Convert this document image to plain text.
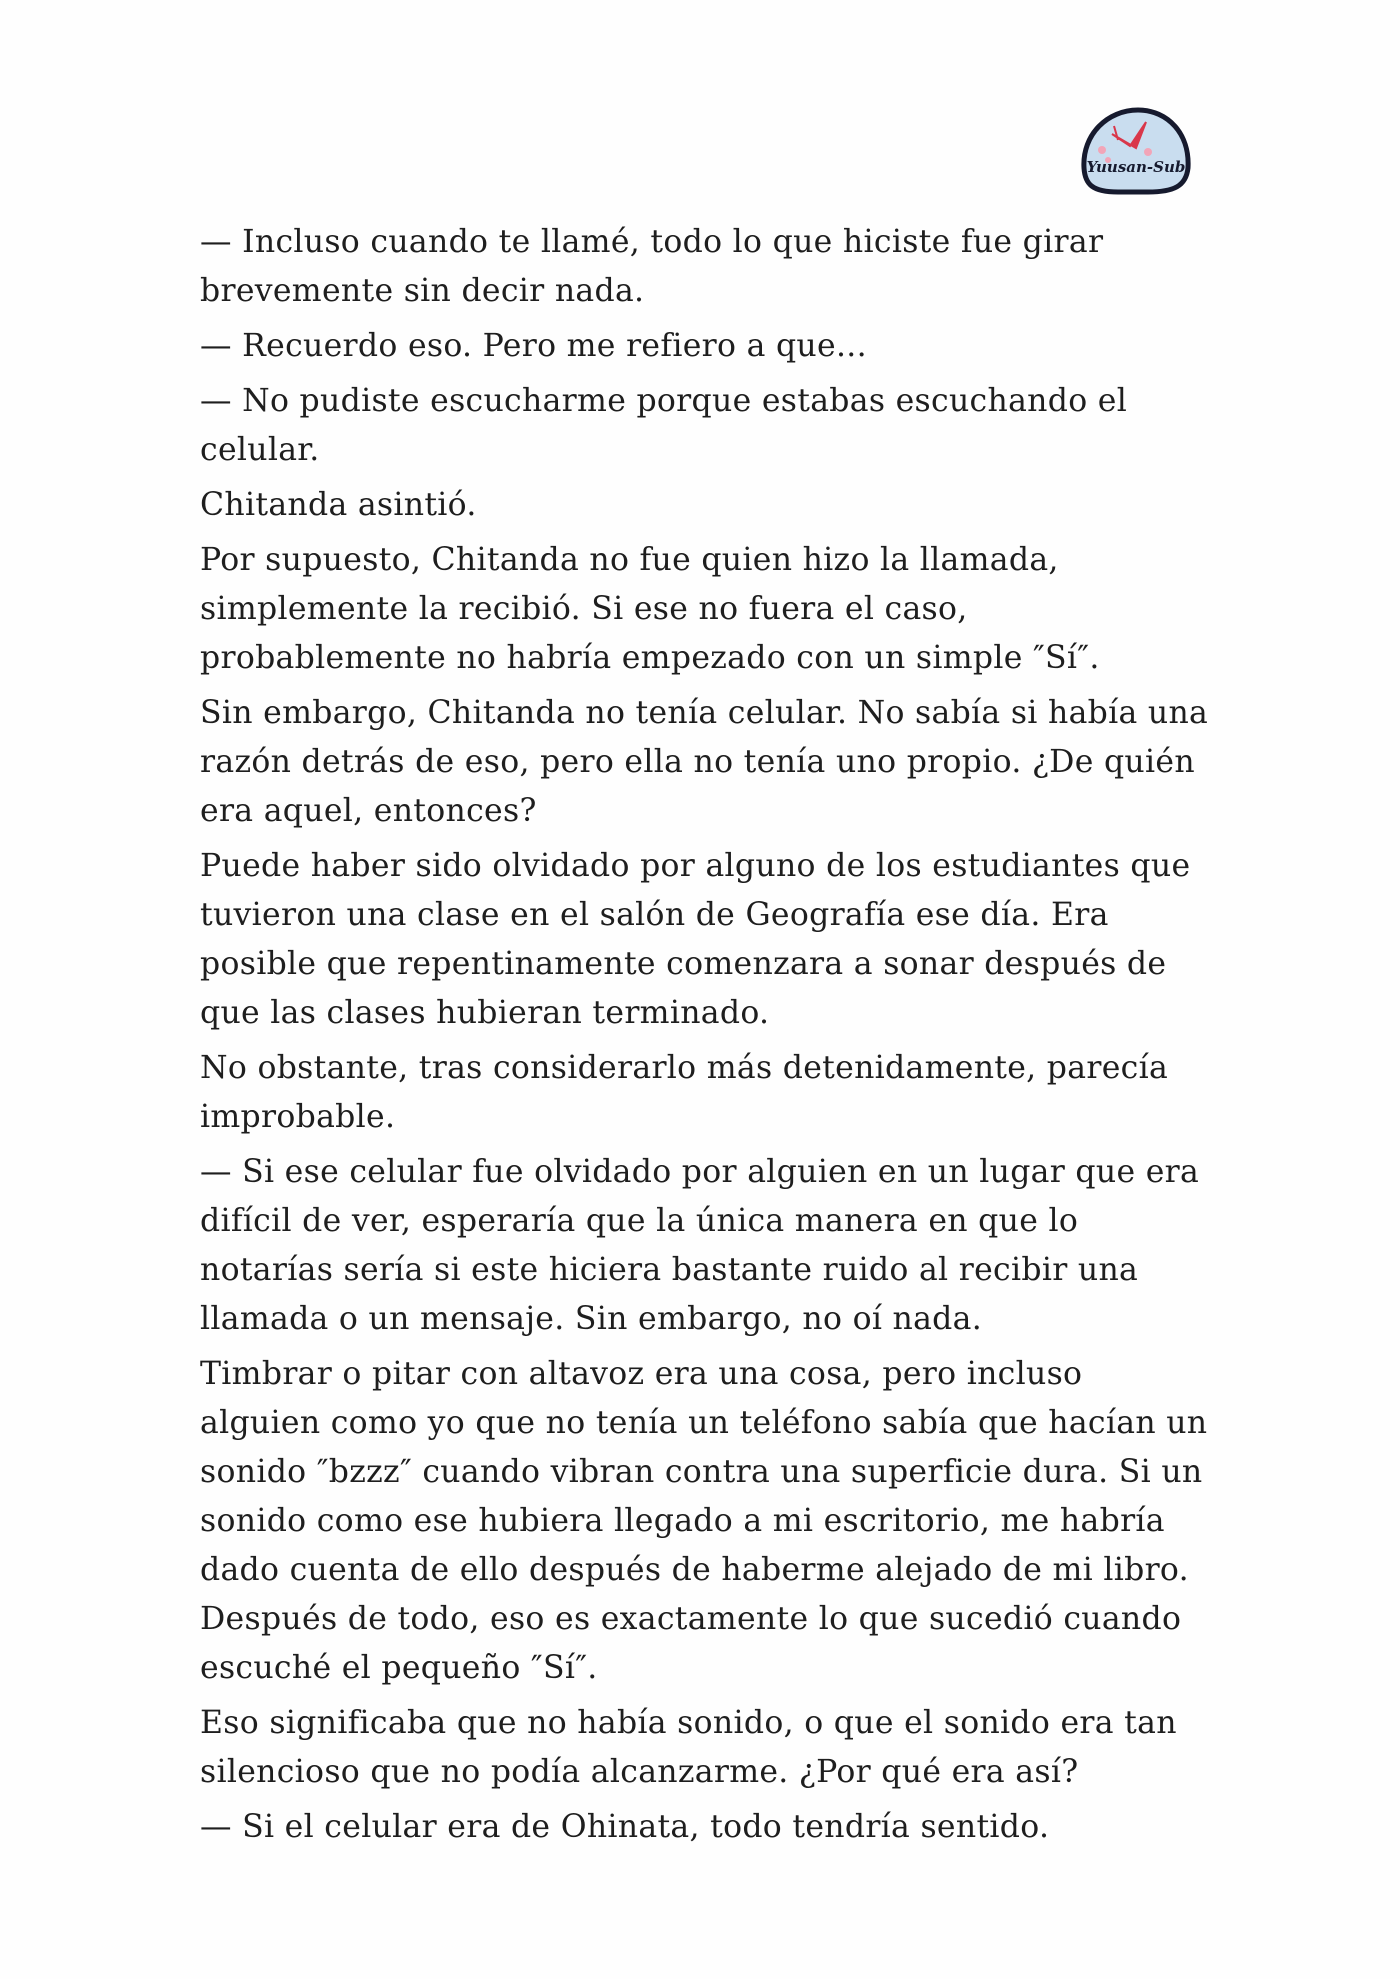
Yuusan-Sub

— Incluso cuando te llamé, todo lo que hiciste fue girar brevemente sin decir nada.

— Recuerdo eso. Pero me refiero a que...

— No pudiste escucharme porque estabas escuchando el celular.

Chitanda asintió.

Por supuesto, Chitanda no fue quien hizo la llamada, simplemente la recibió. Si ese no fuera el caso, probablemente no habría empezado con un simple ″Sí″.

Sin embargo, Chitanda no tenía celular. No sabía si había una razón detrás de eso, pero ella no tenía uno propio. ¿De quién era aquel, entonces?

Puede haber sido olvidado por alguno de los estudiantes que tuvieron una clase en el salón de Geografía ese día. Era posible que repentinamente comenzara a sonar después de que las clases hubieran terminado.

No obstante, tras considerarlo más detenidamente, parecía improbable.

— Si ese celular fue olvidado por alguien en un lugar que era difícil de ver, esperaría que la única manera en que lo notarías sería si este hiciera bastante ruido al recibir una llamada o un mensaje. Sin embargo, no oí nada.

Timbrar o pitar con altavoz era una cosa, pero incluso alguien como yo que no tenía un teléfono sabía que hacían un sonido ″bzzz″ cuando vibran contra una superficie dura. Si un sonido como ese hubiera llegado a mi escritorio, me habría dado cuenta de ello después de haberme alejado de mi libro. Después de todo, eso es exactamente lo que sucedió cuando escuché el pequeño ″Sí″.

Eso significaba que no había sonido, o que el sonido era tan silencioso que no podía alcanzarme. ¿Por qué era así?

— Si el celular era de Ohinata, todo tendría sentido.
